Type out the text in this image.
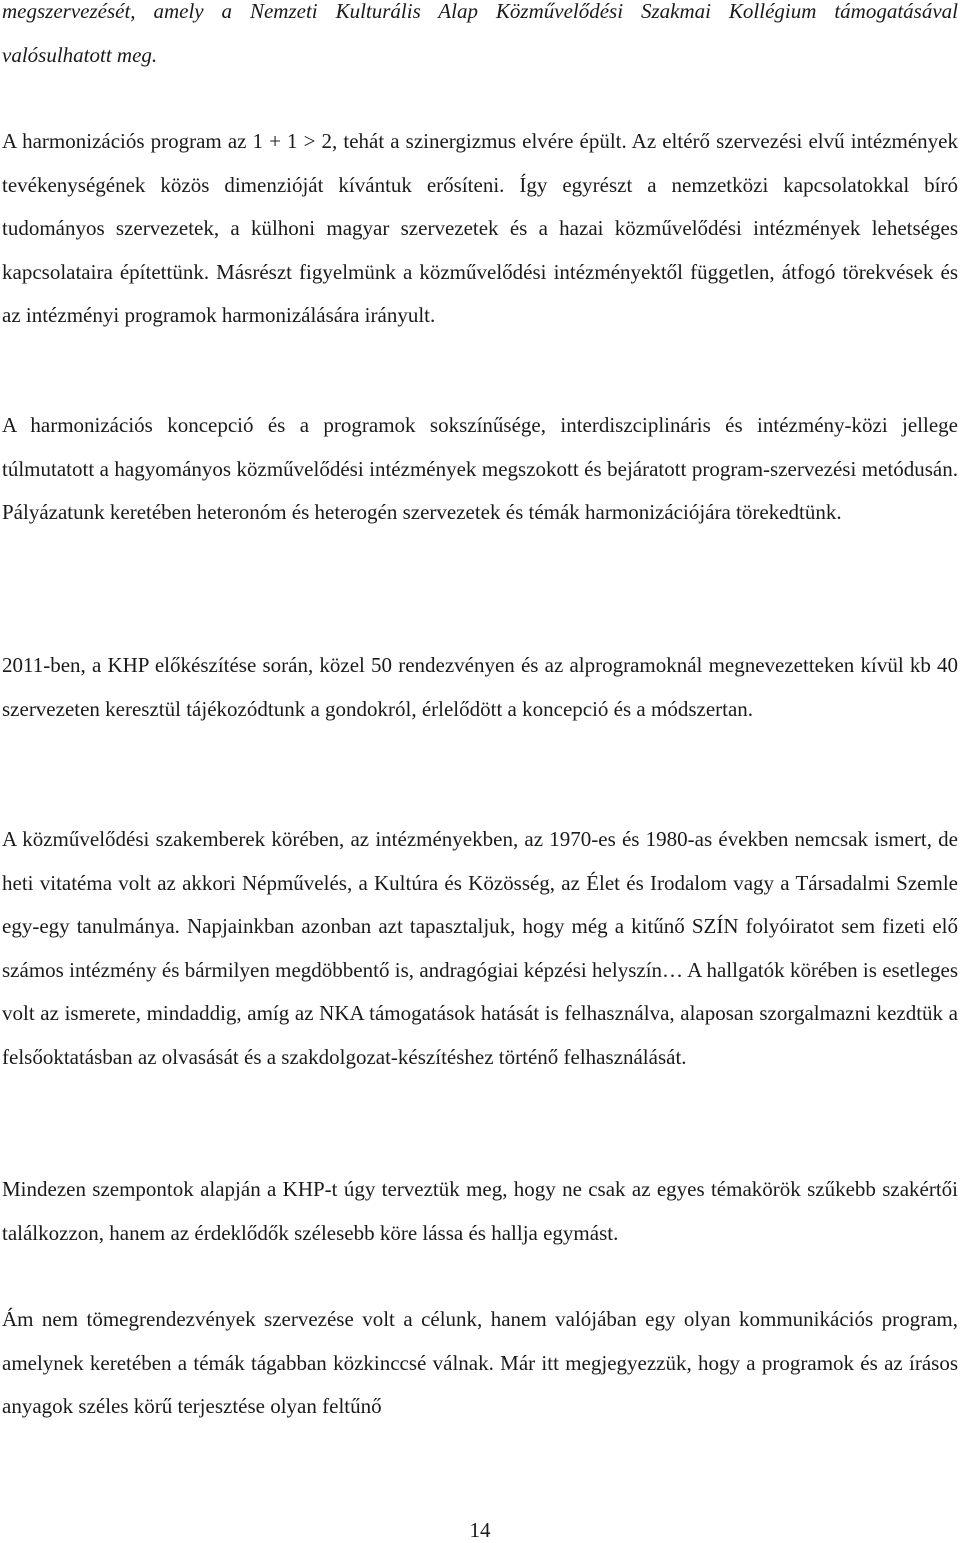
megszervezését, amely a Nemzeti Kulturális Alap Közművelődési Szakmai Kollégium támogatásával valósulhatott meg.

A harmonizációs program az 1 + 1 > 2, tehát a szinergizmus elvére épült. Az eltérő szervezési elvű intézmények tevékenységének közös dimenzióját kívántuk erősíteni. Így egyrészt a nemzetközi kapcsolatokkal bíró tudományos szervezetek, a külhoni magyar szervezetek és a hazai közművelődési intézmények lehetséges kapcsolataira építettünk. Másrészt figyelmünk a közművelődési intézményektől független, átfogó törekvések és az intézményi programok harmonizálására irányult.

A harmonizációs koncepció és a programok sokszínűsége, interdiszciplináris és intézmény-közi jellege túlmutatott a hagyományos közművelődési intézmények megszokott és bejáratott program-szervezési metódusán. Pályázatunk keretében heteronóm és heterogén szervezetek és témák harmonizációjára törekedtünk.

2011-ben, a KHP előkészítése során, közel 50 rendezvényen és az alprogramoknál megnevezetteken kívül kb 40 szervezeten keresztül tájékozódtunk a gondokról, érlelődött a koncepció és a módszertan.

A közművelődési szakemberek körében, az intézményekben, az 1970-es és 1980-as években nemcsak ismert, de heti vitatéma volt az akkori Népművelés, a Kultúra és Közösség, az Élet és Irodalom vagy a Társadalmi Szemle egy-egy tanulmánya. Napjainkban azonban azt tapasztaljuk, hogy még a kitűnő SZÍN folyóiratot sem fizeti elő számos intézmény és bármilyen megdöbbentő is, andragógiai képzési helyszín… A hallgatók körében is esetleges volt az ismerete, mindaddig, amíg az NKA támogatások hatását is felhasználva, alaposan szorgalmazni kezdtük a felsőoktatásban az olvasását és a szakdolgozat-készítéshez történő felhasználását.

Mindezen szempontok alapján a KHP-t úgy terveztük meg, hogy ne csak az egyes témakörök szűkebb szakértői találkozzon, hanem az érdeklődők szélesebb köre lássa és hallja egymást.

Ám nem tömegrendezvények szervezése volt a célunk, hanem valójában egy olyan kommunikációs program, amelynek keretében a témák tágabban közkinccsé válnak. Már itt megjegyezzük, hogy a programok és az írásos anyagok széles körű terjesztése olyan feltűnő

14
